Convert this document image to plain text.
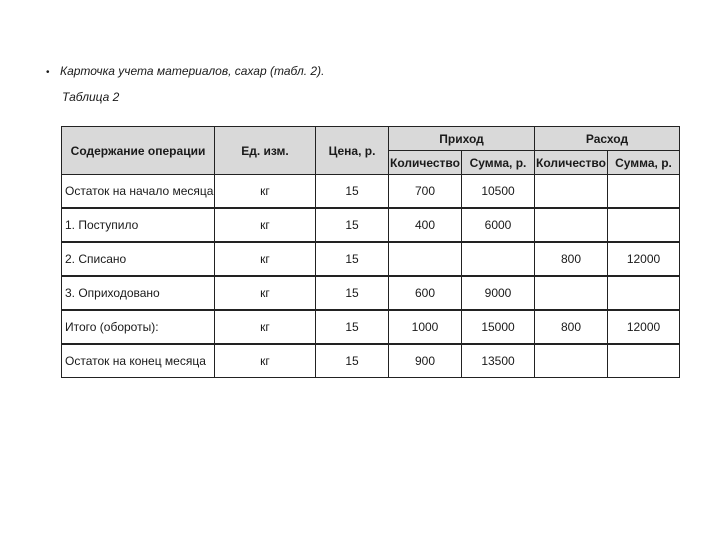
• Карточка учета материалов, сахар (табл. 2).
Таблица 2
Содержание операции	Ед. изм.	Цена, р.	Приход		Расход	
			Количество	Сумма, р.	Количество	Сумма, р.
Остаток на начало месяца	кг	15	700	10500		
1. Поступило	кг	15	400	6000		
2. Списано	кг	15			800	12000
3. Оприходовано	кг	15	600	9000		
Итого (обороты):	кг	15	1000	15000	800	12000
Остаток на конец месяца	кг	15	900	13500		
